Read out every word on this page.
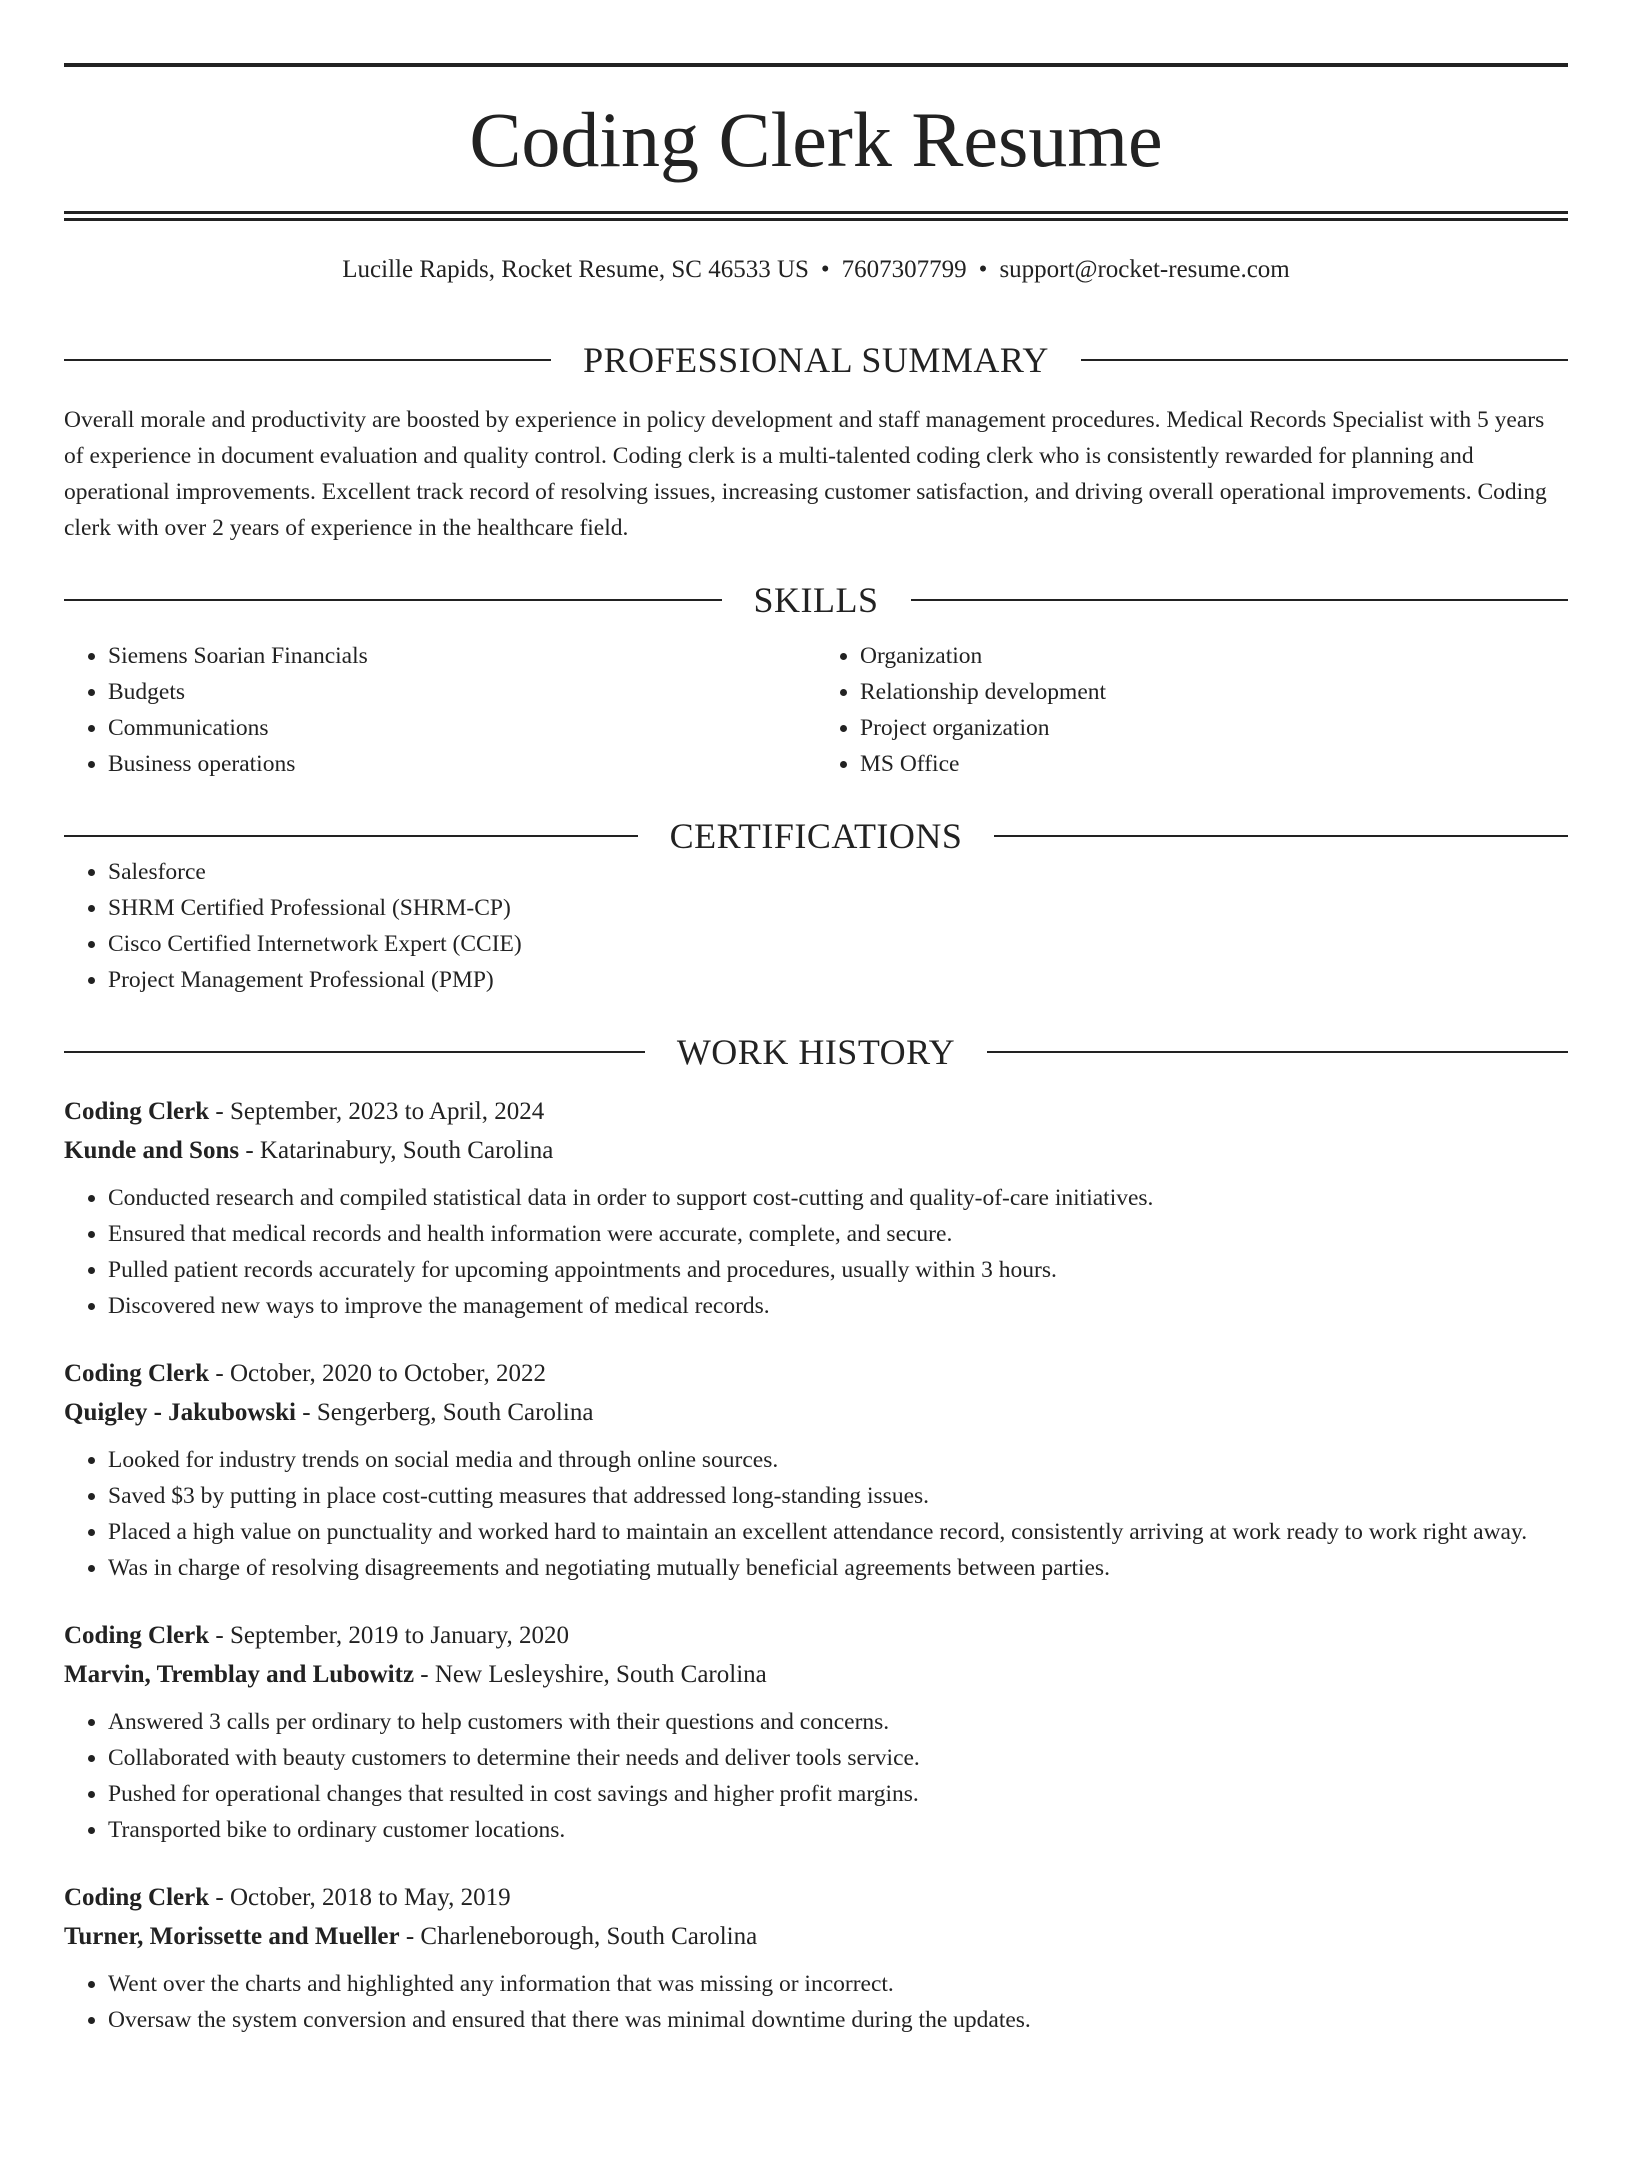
Coding Clerk Resume
Lucille Rapids, Rocket Resume, SC 46533 US • 7607307799 • support@rocket-resume.com
PROFESSIONAL SUMMARY

Overall morale and productivity are boosted by experience in policy development and staff management procedures. Medical Records Specialist with 5 years of experience in document evaluation and quality control. Coding clerk is a multi-talented coding clerk who is consistently rewarded for planning and operational improvements. Excellent track record of resolving issues, increasing customer satisfaction, and driving overall operational improvements. Coding clerk with over 2 years of experience in the healthcare field.

SKILLS
• Siemens Soarian Financials
• Budgets
• Communications
• Business operations
• Organization
• Relationship development
• Project organization
• MS Office
CERTIFICATIONS
• Salesforce
• SHRM Certified Professional (SHRM-CP)
• Cisco Certified Internetwork Expert (CCIE)
• Project Management Professional (PMP)
WORK HISTORY
Coding Clerk - September, 2023 to April, 2024
Kunde and Sons - Katarinabury, South Carolina
• Conducted research and compiled statistical data in order to support cost-cutting and quality-of-care initiatives.
• Ensured that medical records and health information were accurate, complete, and secure.
• Pulled patient records accurately for upcoming appointments and procedures, usually within 3 hours.
• Discovered new ways to improve the management of medical records.
Coding Clerk - October, 2020 to October, 2022
Quigley - Jakubowski - Sengerberg, South Carolina
• Looked for industry trends on social media and through online sources.
• Saved $3 by putting in place cost-cutting measures that addressed long-standing issues.
• Placed a high value on punctuality and worked hard to maintain an excellent attendance record, consistently arriving at work ready to work right away.
• Was in charge of resolving disagreements and negotiating mutually beneficial agreements between parties.
Coding Clerk - September, 2019 to January, 2020
Marvin, Tremblay and Lubowitz - New Lesleyshire, South Carolina
• Answered 3 calls per ordinary to help customers with their questions and concerns.
• Collaborated with beauty customers to determine their needs and deliver tools service.
• Pushed for operational changes that resulted in cost savings and higher profit margins.
• Transported bike to ordinary customer locations.
Coding Clerk - October, 2018 to May, 2019
Turner, Morissette and Mueller - Charleneborough, South Carolina
• Went over the charts and highlighted any information that was missing or incorrect.
• Oversaw the system conversion and ensured that there was minimal downtime during the updates.
